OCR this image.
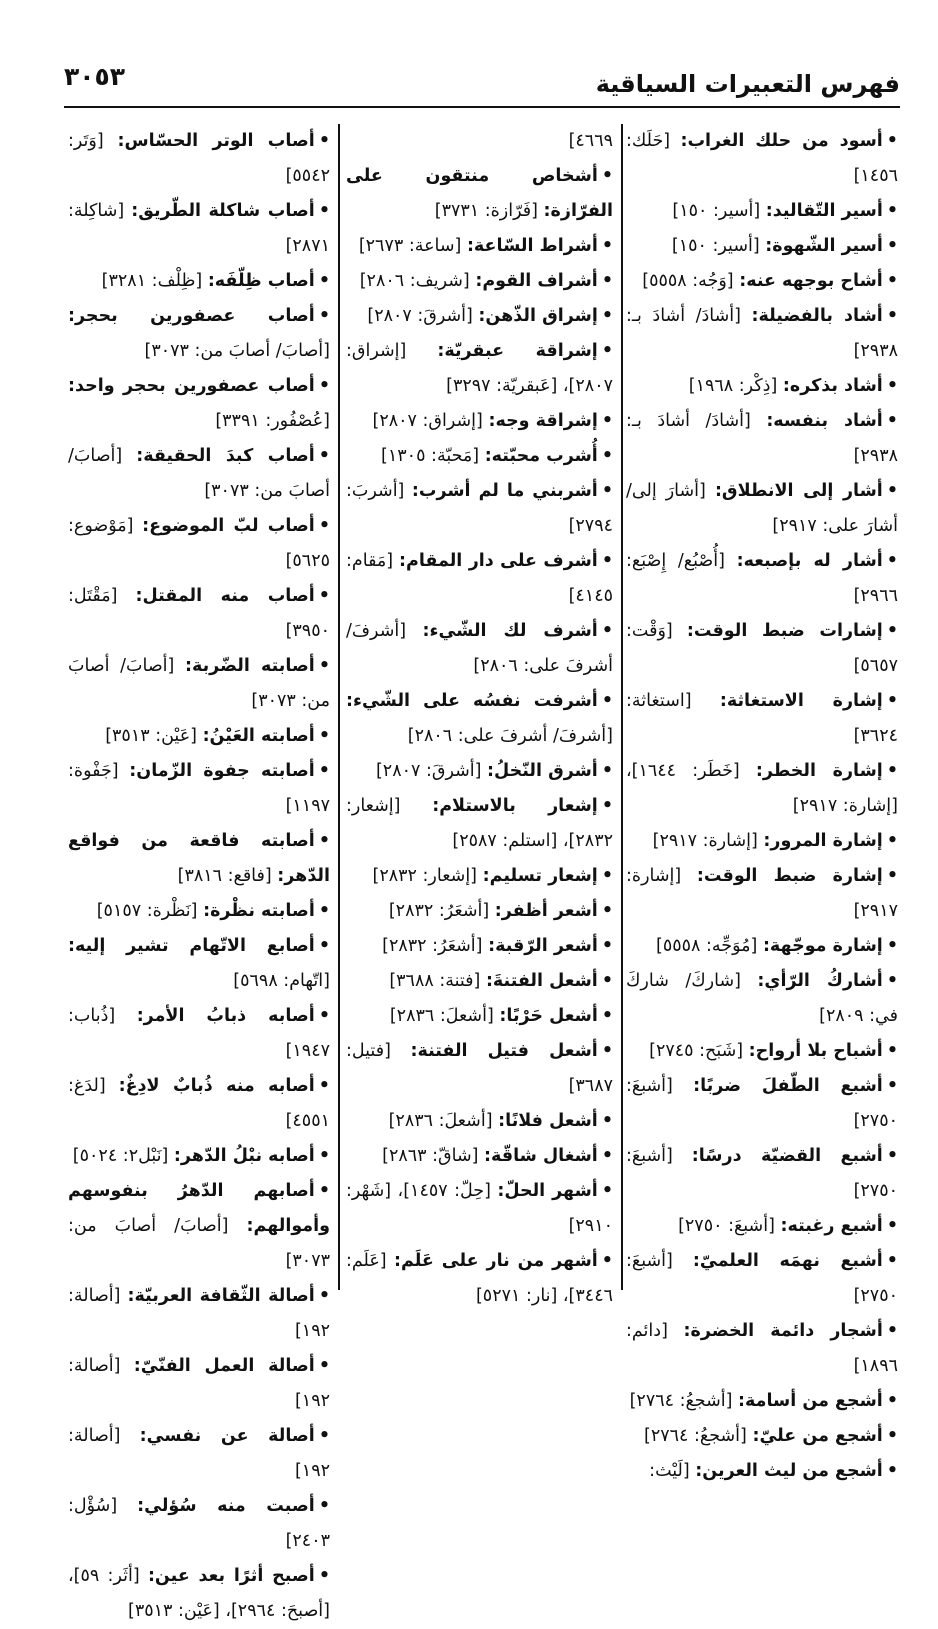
فهرس التعبيرات السياقية
٣٠٥٣
•أسود من حلك الغراب: [حَلَك: ١٤٥٦]
•أسير التّقاليد: [أسير: ١٥٠]
•أسير الشّهوة: [أسير: ١٥٠]
•أشاح بوجهه عنه: [وَجُه: ٥٥٥٨]
•أشاد بالفضيلة: [أشادَ/ أشادَ بـ: ٢٩٣٨]
•أشاد بذكره: [ذِكْر: ١٩٦٨]
•أشاد بنفسه: [أشادَ/ أشادَ بـ: ٢٩٣٨]
•أشار إلى الانطلاق: [أشارَ إلى/ أشارَ على: ٢٩١٧]
•أشار له بإصبعه: [أُصْبُع/ إِصْبَع: ٢٩٦٦]
•إشارات ضبط الوقت: [وَقْت: ٥٦٥٧]
•إشارة الاستغاثة: [استغاثة: ٣٦٢٤]
•إشارة الخطر: [خَطَر: ١٦٤٤]، [إشارة: ٢٩١٧]
•إشارة المرور: [إشارة: ٢٩١٧]
•إشارة ضبط الوقت: [إشارة: ٢٩١٧]
•إشارة موجّهة: [مُوَجِّه: ٥٥٥٨]
•أشاركُ الرّأي: [شاركَ/ شاركَ في: ٢٨٠٩]
•أشباح بلا أرواح: [شَبَح: ٢٧٤٥]
•أشبع الطّفلَ ضربًا: [أشبعَ: ٢٧٥٠]
•أشبع القضيّة درسًا: [أشبعَ: ٢٧٥٠]
•أشبع رغبته: [أشبعَ: ٢٧٥٠]
•أشبع نهمَه العلميّ: [أشبعَ: ٢٧٥٠]
•أشجار دائمة الخضرة: [دائم: ١٨٩٦]
•أشجع من أسامة: [أشجعُ: ٢٧٦٤]
•أشجع من عليّ: [أشجعُ: ٢٧٦٤]
•أشجع من ليث العرين: [لَيْث:
٤٦٦٩]
•أشخاص منتقون على الفرّازة: [فَرّازة: ٣٧٣١]
•أشراط السّاعة: [ساعة: ٢٦٧٣]
•أشراف القوم: [شريف: ٢٨٠٦]
•إشراق الذّهن: [أشرقَ: ٢٨٠٧]
•إشراقة عبقريّة: [إشراق: ٢٨٠٧]، [عَبقريّة: ٣٢٩٧]
•إشراقة وجه: [إشراق: ٢٨٠٧]
•أُشرب محبّته: [مَحبّة: ١٣٠٥]
•أشربني ما لم أشرب: [أشربَ: ٢٧٩٤]
•أشرف على دار المقام: [مَقام: ٤١٤٥]
•أشرف لك الشّيء: [أشرفَ/ أشرفَ على: ٢٨٠٦]
•أشرفت نفسُه على الشّيء: [أشرفَ/ أشرفَ على: ٢٨٠٦]
•أشرق النّخلُ: [أشرقَ: ٢٨٠٧]
•إشعار بالاستلام: [إشعار: ٢٨٣٢]، [استلم: ٢٥٨٧]
•إشعار تسليم: [إشعار: ٢٨٣٢]
•أشعر أظفر: [أشعَرُ: ٢٨٣٢]
•أشعر الرّقبة: [أشعَرُ: ٢٨٣٢]
•أشعل الفتنةَ: [فتنة: ٣٦٨٨]
•أشعل حَرْبًا: [أشعلَ: ٢٨٣٦]
•أشعل فتيل الفتنة: [فتيل: ٣٦٨٧]
•أشعل فلانًا: [أشعلَ: ٢٨٣٦]
•أشغال شاقّة: [شاقّ: ٢٨٦٣]
•أشهر الحلّ: [حِلّ: ١٤٥٧]، [شَهْر: ٢٩١٠]
•أشهر من نار على عَلَم: [عَلَم: ٣٤٤٦]، [نار: ٥٢٧١]
•أصاب الوتر الحسّاس: [وَتَر: ٥٥٤٢]
•أصاب شاكلة الطّريق: [شاكِلة: ٢٨٧١]
•أصاب ظِلّفَه: [ظِلْف: ٣٢٨١]
•أصاب عصفورين بحجر: [أصابَ/ أصابَ من: ٣٠٧٣]
•أصاب عصفورين بحجر واحد: [عُصْفُور: ٣٣٩١]
•أصاب كبدَ الحقيقة: [أصابَ/ أصابَ من: ٣٠٧٣]
•أصاب لبّ الموضوع: [مَوْضوع: ٥٦٢٥]
•أصاب منه المقتل: [مَقْتَل: ٣٩٥٠]
•أصابته الضّربة: [أصابَ/ أصابَ من: ٣٠٧٣]
•أصابته العَيْنُ: [عَيْن: ٣٥١٣]
•أصابته جفوة الزّمان: [جَفْوة: ١١٩٧]
•أصابته فاقعة من فواقع الدّهر: [فاقع: ٣٨١٦]
•أصابته نظْرة: [نَظْرة: ٥١٥٧]
•أصابع الاتّهام تشير إليه: [اتّهام: ٥٦٩٨]
•أصابه ذبابُ الأمر: [ذُباب: ١٩٤٧]
•أصابه منه ذُبابٌ لادِغٌ: [لدَغ: ٤٥٥١]
•أصابه نبْلُ الدّهر: [نَبْل٢: ٥٠٢٤]
•أصابهم الدّهرُ بنفوسهم وأموالهم: [أصابَ/ أصابَ من: ٣٠٧٣]
•أصالة الثّقافة العربيّة: [أصالة: ١٩٢]
•أصالة العمل الفنّيّ: [أصالة: ١٩٢]
•أصالة عن نفسي: [أصالة: ١٩٢]
•أصبت منه سُؤلي: [سُؤْل: ٢٤٠٣]
•أصبح أثرًا بعد عين: [أثَر: ٥٩]، [أصبحَ: ٢٩٦٤]، [عَيْن: ٣٥١٣]
